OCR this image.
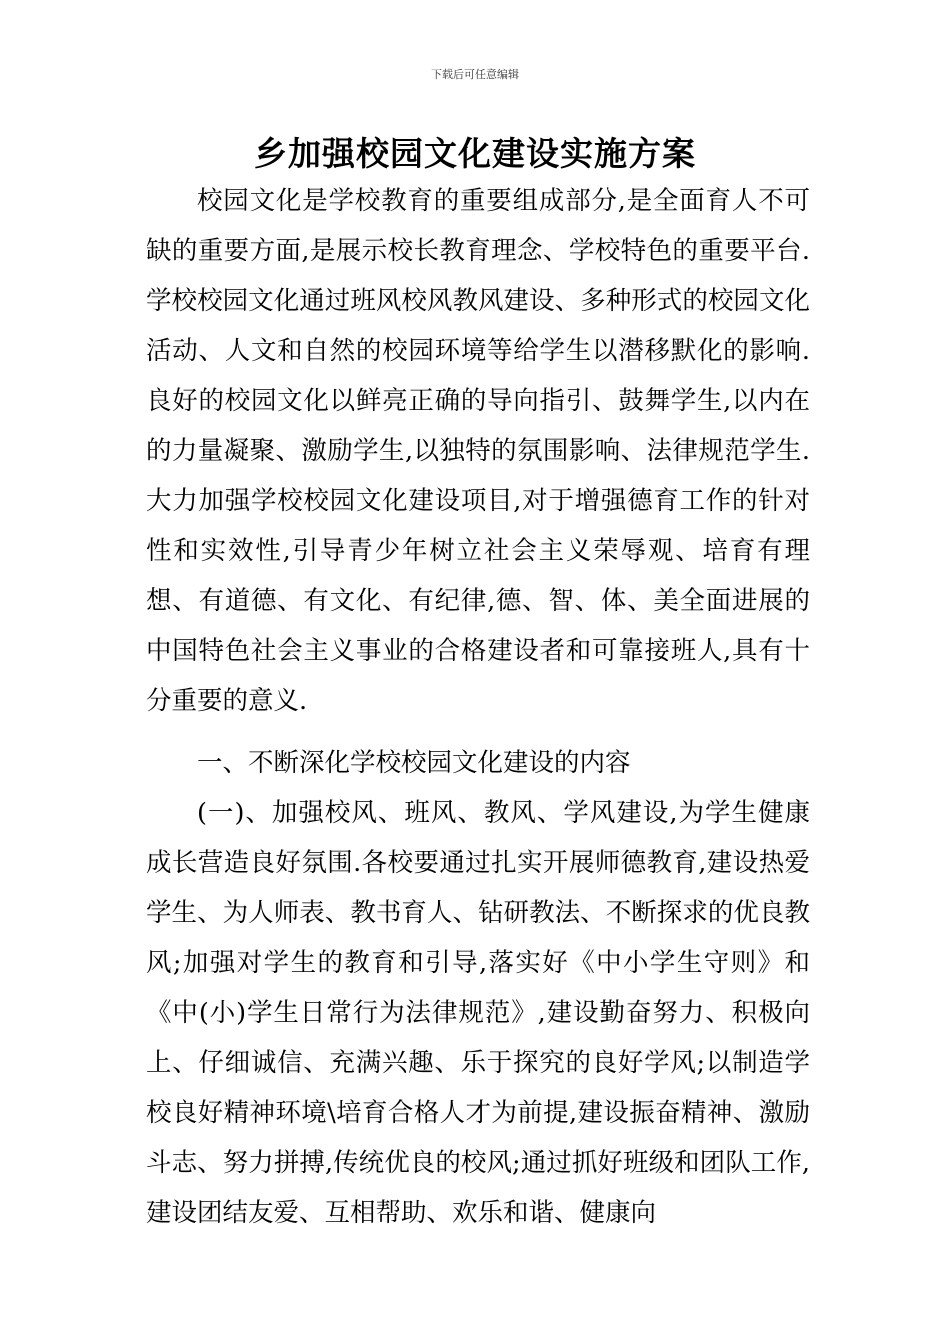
下载后可任意编辑
乡加强校园文化建设实施方案

校园文化是学校教育的重要组成部分,是全面育人不可缺的重要方面,是展示校长教育理念、学校特色的重要平台.学校校园文化通过班风校风教风建设、多种形式的校园文化活动、人文和自然的校园环境等给学生以潜移默化的影响.良好的校园文化以鲜亮正确的导向指引、鼓舞学生,以内在的力量凝聚、激励学生,以独特的氛围影响、法律规范学生.大力加强学校校园文化建设项目,对于增强德育工作的针对性和实效性,引导青少年树立社会主义荣辱观、培育有理想、有道德、有文化、有纪律,德、智、体、美全面进展的中国特色社会主义事业的合格建设者和可靠接班人,具有十分重要的意义.

一、不断深化学校校园文化建设的内容

(一)、加强校风、班风、教风、学风建设,为学生健康成长营造良好氛围.各校要通过扎实开展师德教育,建设热爱学生、为人师表、教书育人、钻研教法、不断探求的优良教风;加强对学生的教育和引导,落实好《中小学生守则》和《中(小)学生日常行为法律规范》,建设勤奋努力、积极向上、仔细诚信、充满兴趣、乐于探究的良好学风;以制造学校良好精神环境\培育合格人才为前提,建设振奋精神、激励斗志、努力拼搏,传统优良的校风;通过抓好班级和团队工作,建设团结友爱、互相帮助、欢乐和谐、健康向
